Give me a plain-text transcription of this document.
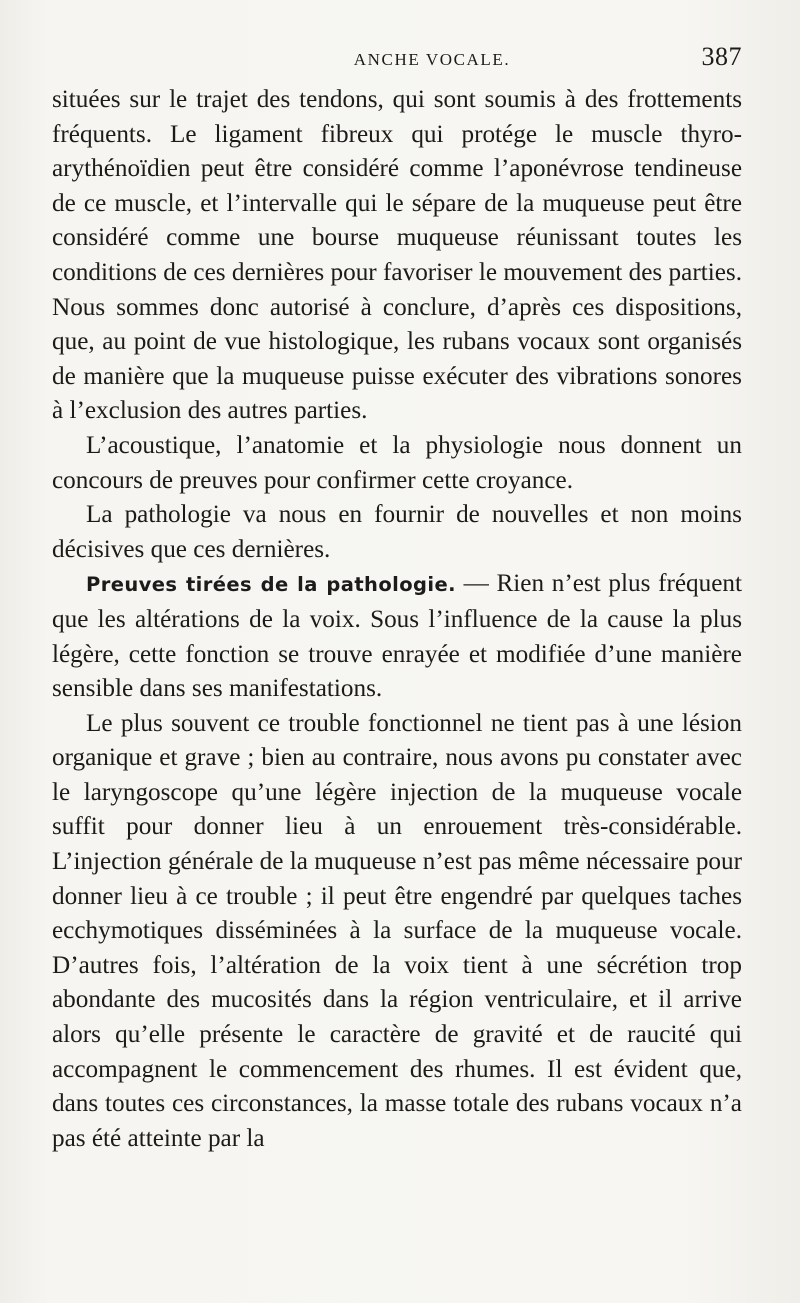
ANCHE VOCALE.	387

situées sur le trajet des tendons, qui sont soumis à des frottements fréquents. Le ligament fibreux qui protége le muscle thyro-arythénoïdien peut être considéré comme l’aponévrose tendineuse de ce muscle, et l’intervalle qui le sépare de la muqueuse peut être considéré comme une bourse muqueuse réunissant toutes les conditions de ces dernières pour favoriser le mouvement des parties. Nous sommes donc autorisé à conclure, d’après ces dispositions, que, au point de vue histologique, les rubans vocaux sont organisés de manière que la muqueuse puisse exécuter des vibrations sonores à l’exclusion des autres parties.

L’acoustique, l’anatomie et la physiologie nous donnent un concours de preuves pour confirmer cette croyance.

La pathologie va nous en fournir de nouvelles et non moins décisives que ces dernières.

Preuves tirées de la pathologie. — Rien n’est plus fréquent que les altérations de la voix. Sous l’influence de la cause la plus légère, cette fonction se trouve enrayée et modifiée d’une manière sensible dans ses manifestations.

Le plus souvent ce trouble fonctionnel ne tient pas à une lésion organique et grave ; bien au contraire, nous avons pu constater avec le laryngoscope qu’une légère injection de la muqueuse vocale suffit pour donner lieu à un enrouement très-considérable. L’injection générale de la muqueuse n’est pas même nécessaire pour donner lieu à ce trouble ; il peut être engendré par quelques taches ecchymotiques disséminées à la surface de la muqueuse vocale. D’autres fois, l’altération de la voix tient à une sécrétion trop abondante des mucosités dans la région ventriculaire, et il arrive alors qu’elle présente le caractère de gravité et de raucité qui accompagnent le commencement des rhumes. Il est évident que, dans toutes ces circonstances, la masse totale des rubans vocaux n’a pas été atteinte par la
